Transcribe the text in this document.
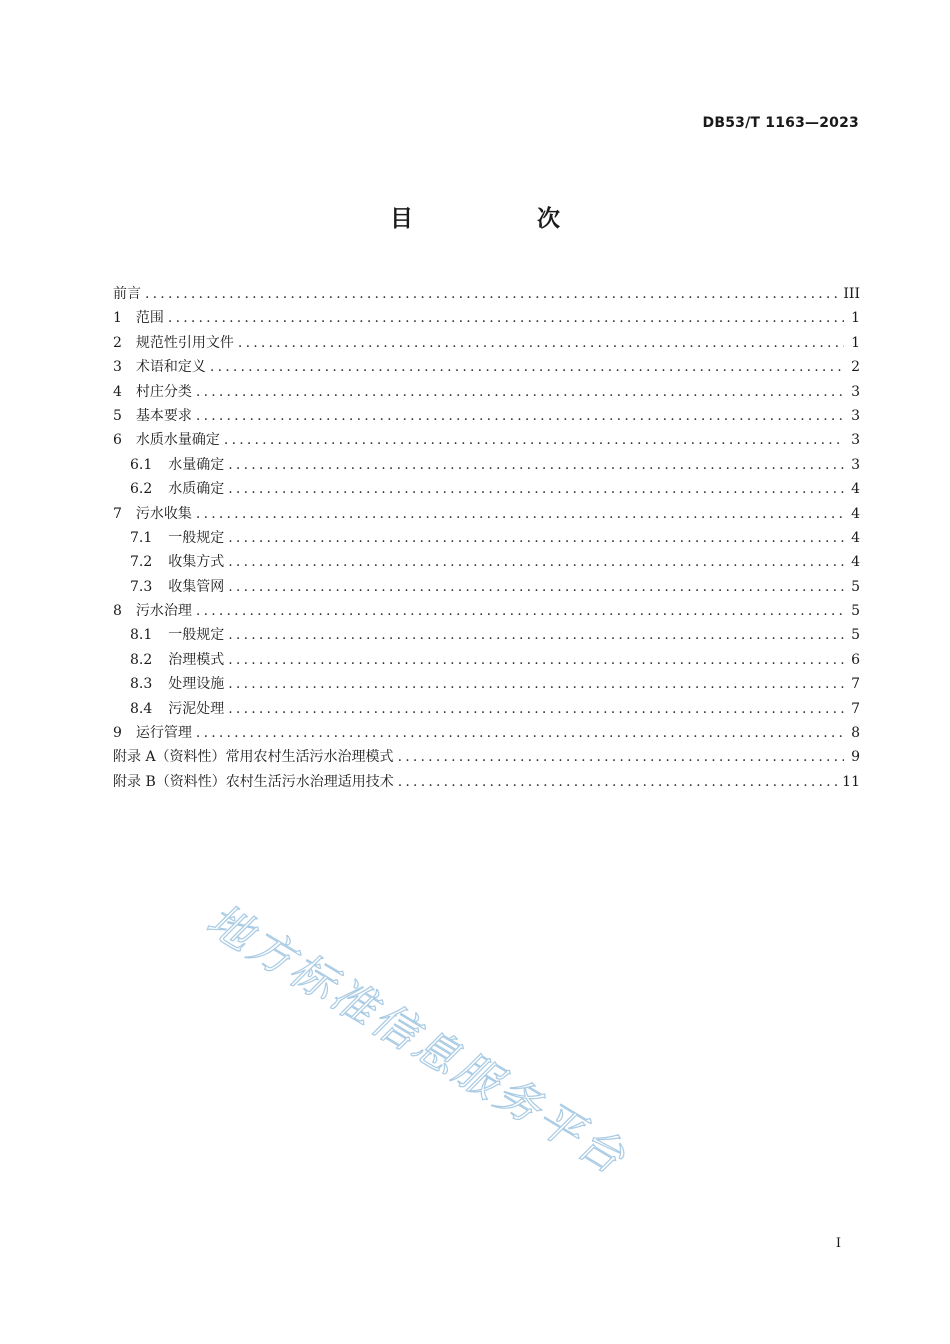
DB53/T 1163—2023
目 次
前言 .....	III
1 范围 .....	1
2 规范性引用文件 .....	1
3 术语和定义 .....	2
4 村庄分类 .....	3
5 基本要求 .....	3
6 水质水量确定 .....	3
6.1 水量确定 .....	3
6.2 水质确定 .....	4
7 污水收集 .....	4
7.1 一般规定 .....	4
7.2 收集方式 .....	4
7.3 收集管网 .....	5
8 污水治理 .....	5
8.1 一般规定 .....	5
8.2 治理模式 .....	6
8.3 处理设施 .....	7
8.4 污泥处理 .....	7
9 运行管理 .....	8
附录 A（资料性） 常用农村生活污水治理模式 .....	9
附录 B（资料性） 农村生活污水治理适用技术 .....	11
地方标准信息服务平台
I
